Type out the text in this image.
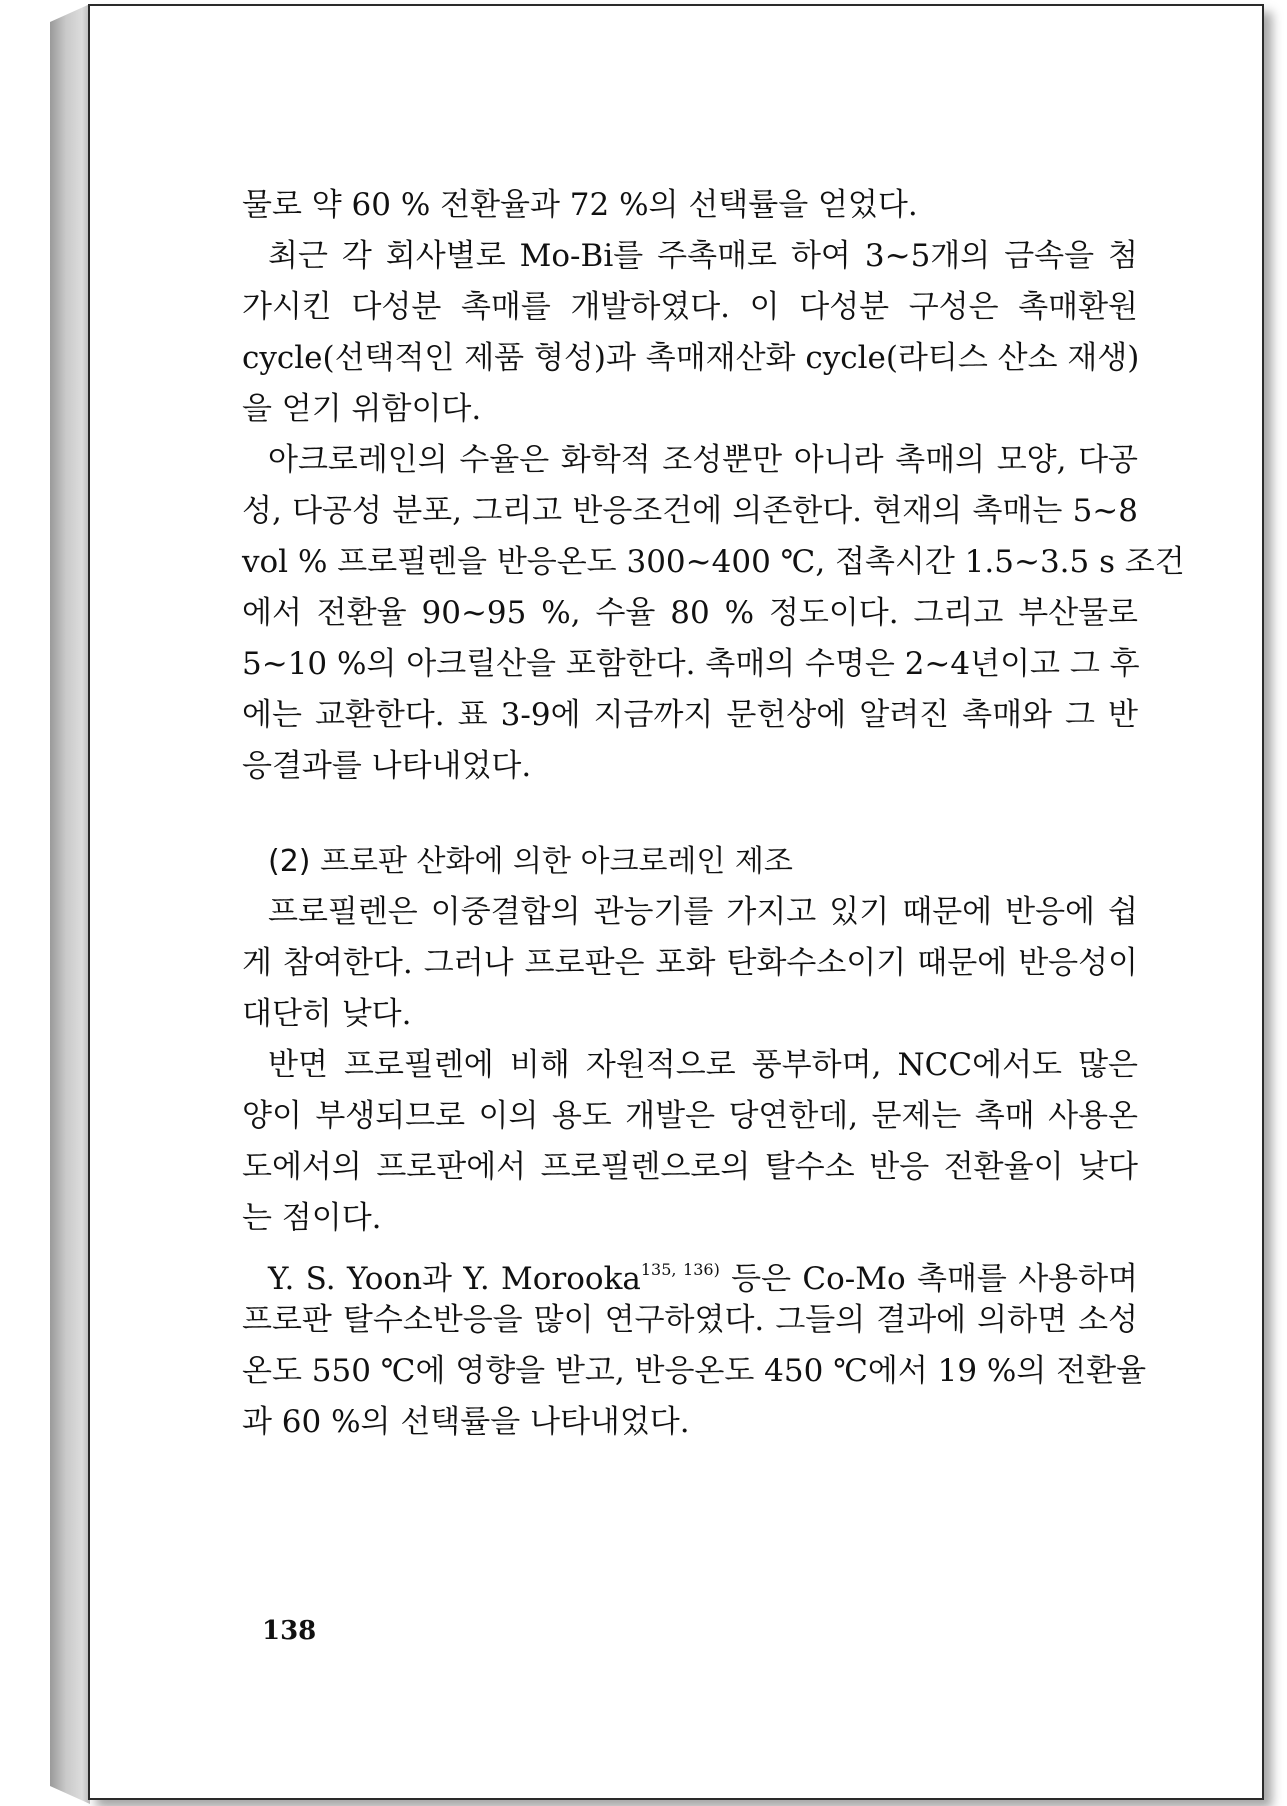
물로 약 60 % 전환율과 72 %의 선택률을 얻었다.
최근 각 회사별로 Mo-Bi를 주촉매로 하여 3~5개의 금속을 첨
가시킨 다성분 촉매를 개발하였다. 이 다성분 구성은 촉매환원
cycle(선택적인 제품 형성)과 촉매재산화 cycle(라티스 산소 재생)
을 얻기 위함이다.
아크로레인의 수율은 화학적 조성뿐만 아니라 촉매의 모양, 다공
성, 다공성 분포, 그리고 반응조건에 의존한다. 현재의 촉매는 5~8
vol % 프로필렌을 반응온도 300~400 ℃, 접촉시간 1.5~3.5 s 조건
에서 전환율 90~95 %, 수율 80 % 정도이다. 그리고 부산물로
5~10 %의 아크릴산을 포함한다. 촉매의 수명은 2~4년이고 그 후
에는 교환한다. 표 3-9에 지금까지 문헌상에 알려진 촉매와 그 반
응결과를 나타내었다.
(2) 프로판 산화에 의한 아크로레인 제조
프로필렌은 이중결합의 관능기를 가지고 있기 때문에 반응에 쉽
게 참여한다. 그러나 프로판은 포화 탄화수소이기 때문에 반응성이
대단히 낮다.
반면 프로필렌에 비해 자원적으로 풍부하며, NCC에서도 많은
양이 부생되므로 이의 용도 개발은 당연한데, 문제는 촉매 사용온
도에서의 프로판에서 프로필렌으로의 탈수소 반응 전환율이 낮다
는 점이다.
Y. S. Yoon과 Y. Morooka$^{135, 136)}$ 등은 Co-Mo 촉매를 사용하며
프로판 탈수소반응을 많이 연구하였다. 그들의 결과에 의하면 소성
온도 550 ℃에 영향을 받고, 반응온도 450 ℃에서 19 %의 전환율
과 60 %의 선택률을 나타내었다.
138
